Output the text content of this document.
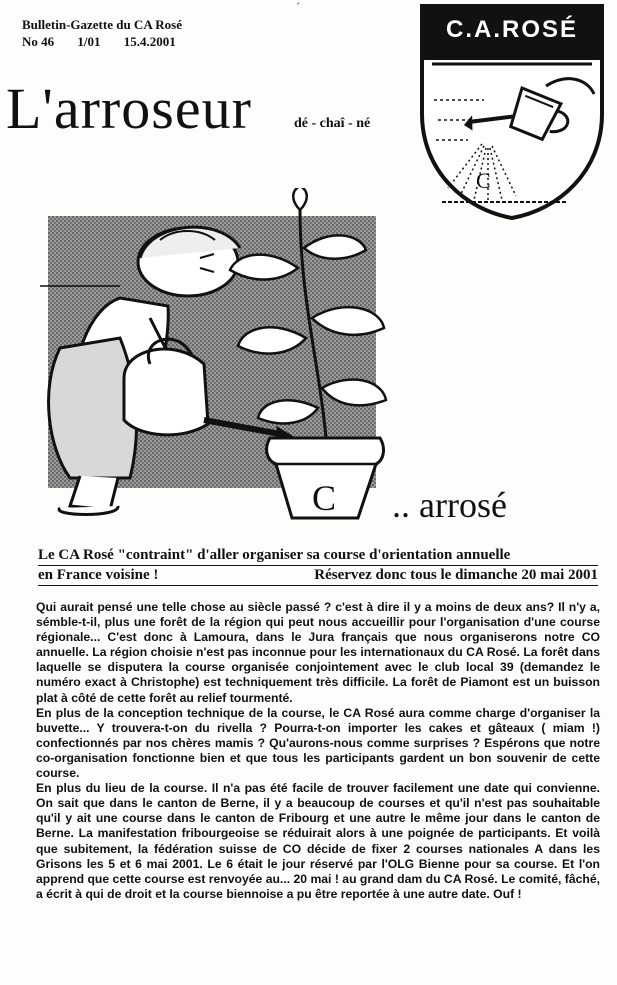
ˊ
Bulletin-Gazette du CA Rosé
No 46 1/01 15.4.2001
L'arroseur	dé - chaî - né
C
C.A.ROSÉ
C .. arrosé
Le CA Rosé "contraint" d'aller organiser sa course d'orientation annuelle
en France voisine !	Réservez donc tous le dimanche 20 mai 2001

Qui aurait pensé une telle chose au siècle passé ? c'est à dire il y a moins de deux ans? Il n'y a, sémble-t-il, plus une forêt de la région qui peut nous accueillir pour l'organisation d'une course régionale... C'est donc à Lamoura, dans le Jura français que nous organiserons notre CO annuelle. La région choisie n'est pas inconnue pour les internationaux du CA Rosé. La forêt dans laquelle se disputera la course organisée conjointement avec le club local 39 (demandez le numéro exact à Christophe) est techniquement très difficile. La forêt de Piamont est un buisson plat à côté de cette forêt au relief tourmenté.

En plus de la conception technique de la course, le CA Rosé aura comme charge d'organiser la buvette... Y trouvera-t-on du rivella ? Pourra-t-on importer les cakes et gâteaux ( miam !) confectionnés par nos chères mamis ? Qu'aurons-nous comme surprises ? Espérons que notre co-organisation fonctionne bien et que tous les participants gardent un bon souvenir de cette course.

En plus du lieu de la course. Il n'a pas été facile de trouver facilement une date qui convienne. On sait que dans le canton de Berne, il y a beaucoup de courses et qu'il n'est pas souhaitable qu'il y ait une course dans le canton de Fribourg et une autre le même jour dans le canton de Berne. La manifestation fribourgeoise se réduirait alors à une poignée de participants. Et voilà que subitement, la fédération suisse de CO décide de fixer 2 courses nationales A dans les Grisons les 5 et 6 mai 2001. Le 6 était le jour réservé par l'OLG Bienne pour sa course. Et l'on apprend que cette course est renvoyée au... 20 mai ! au grand dam du CA Rosé. Le comité, fâché, a écrit à qui de droit et la course biennoise a pu être reportée à une autre date. Ouf !
